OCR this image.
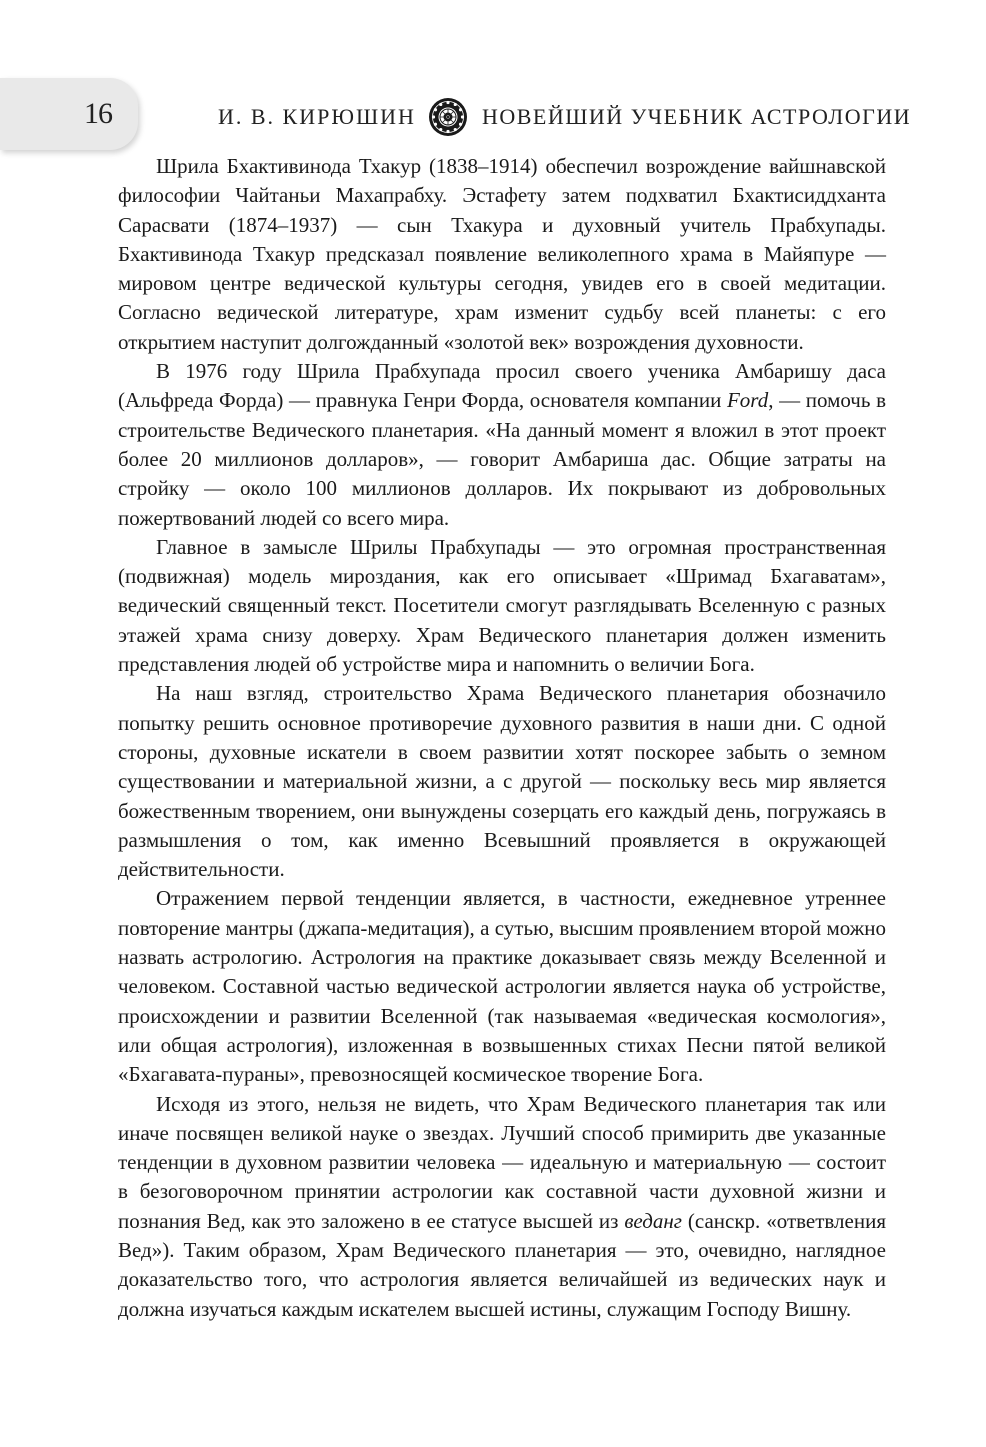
16	И. В. КИРЮШИН	НОВЕЙШИЙ УЧЕБНИК АСТРОЛОГИИ

Шрила Бхактивинода Тхакур (1838–1914) обеспечил возрождение вайшнавской философии Чайтаньи Махапрабху. Эстафету затем подхватил Бхактисиддханта Сарасвати (1874–1937) — сын Тхакура и духовный учитель Прабхупады. Бхактивинода Тхакур предсказал появление великолепного храма в Майяпуре — мировом центре ведической культуры сегодня, увидев его в своей медитации. Согласно ведической литературе, храм изменит судьбу всей планеты: с его открытием наступит долгожданный «золотой век» возрождения духовности.

В 1976 году Шрила Прабхупада просил своего ученика Амбаришу даса (Альфреда Форда) — правнука Генри Форда, основателя компании Ford, — помочь в строительстве Ведического планетария. «На данный момент я вложил в этот проект более 20 миллионов долларов», — говорит Амбариша дас. Общие затраты на стройку — около 100 миллионов долларов. Их покрывают из добровольных пожертвований людей со всего мира.

Главное в замысле Шрилы Прабхупады — это огромная пространственная (подвижная) модель мироздания, как его описывает «Шримад Бхагаватам», ведический священный текст. Посетители смогут разглядывать Вселенную с разных этажей храма снизу доверху. Храм Ведического планетария должен изменить представления людей об устройстве мира и напомнить о величии Бога.

На наш взгляд, строительство Храма Ведического планетария обозначило попытку решить основное противоречие духовного развития в наши дни. С одной стороны, духовные искатели в своем развитии хотят поскорее забыть о земном существовании и материальной жизни, а с другой — поскольку весь мир является божественным творением, они вынуждены созерцать его каждый день, погружаясь в размышления о том, как именно Всевышний проявляется в окружающей действительности.

Отражением первой тенденции является, в частности, ежедневное утреннее повторение мантры (джапа-медитация), а сутью, высшим проявлением второй можно назвать астрологию. Астрология на практике доказывает связь между Вселенной и человеком. Составной частью ведической астрологии является наука об устройстве, происхождении и развитии Вселенной (так называемая «ведическая космология», или общая астрология), изложенная в возвышенных стихах Песни пятой великой «Бхагавата-пураны», превозносящей космическое творение Бога.

Исходя из этого, нельзя не видеть, что Храм Ведического планетария так или иначе посвящен великой науке о звездах. Лучший способ примирить две указанные тенденции в духовном развитии человека — идеальную и материальную — состоит в безоговорочном принятии астрологии как составной части духовной жизни и познания Вед, как это заложено в ее статусе высшей из веданг (санскр. «ответвления Вед»). Таким образом, Храм Ведического планетария — это, очевидно, наглядное доказательство того, что астрология является величайшей из ведических наук и должна изучаться каждым искателем высшей истины, служащим Господу Вишну.
